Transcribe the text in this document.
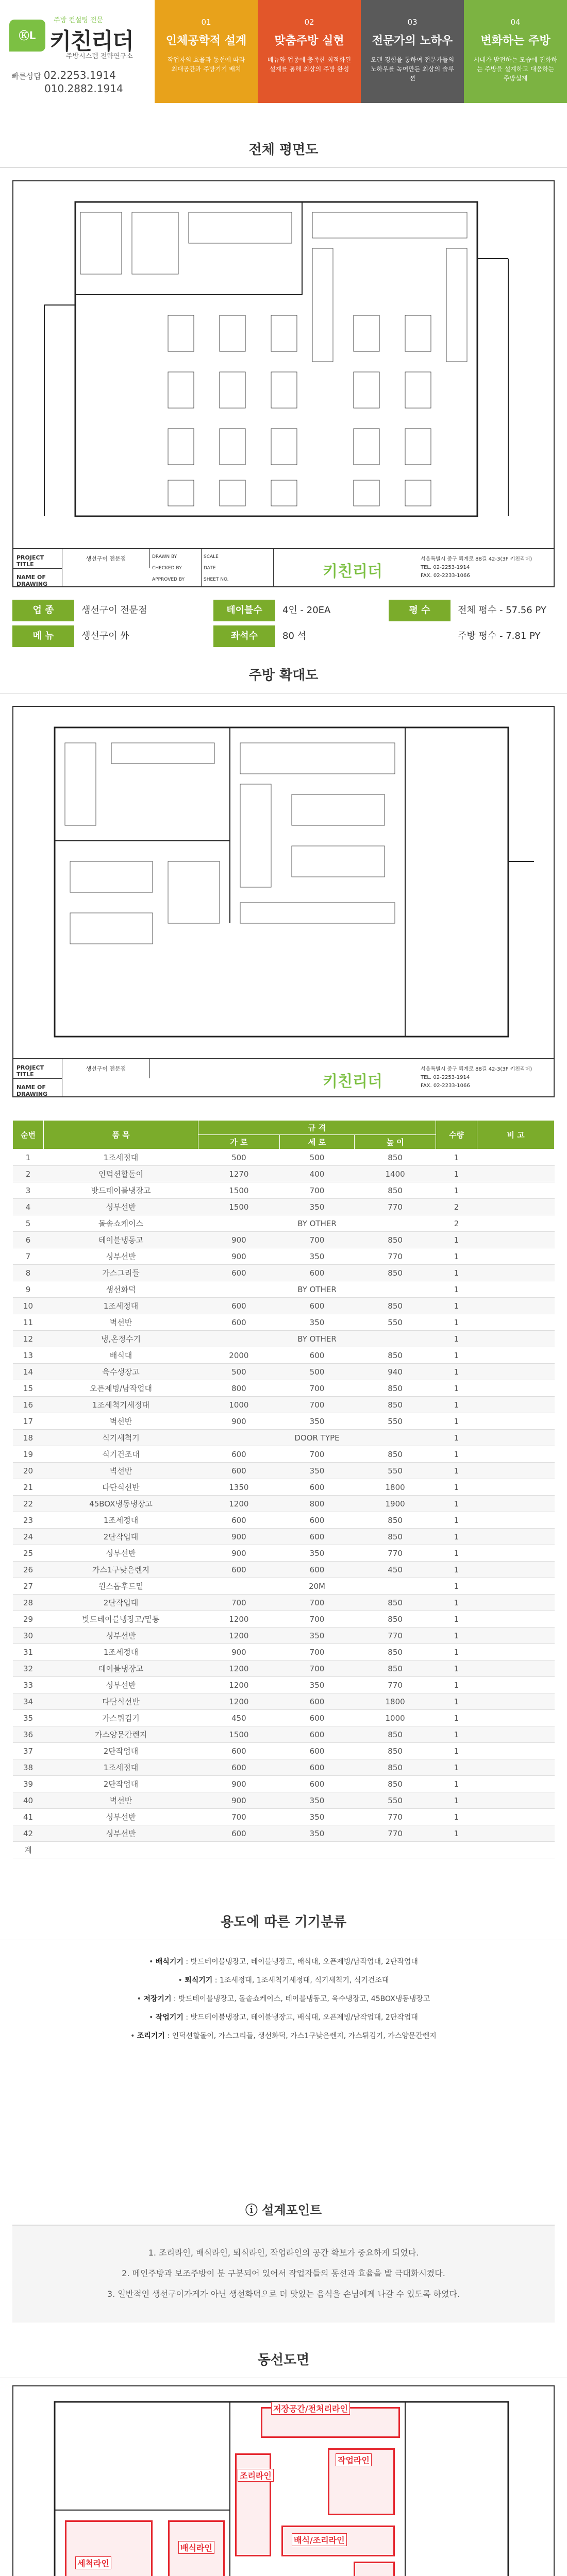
주방 컨설팅 전문
ⓀL 키친리더
주방시스템 전략연구소
빠른상담 02.2253.1914
010.2882.1914
01
인체공학적 설계
작업자의 효율과 동선에 따라 최대공간과 주방기기 배치
02
맞춤주방 실현
메뉴와 업종에 충족한 최적화된 설계를 통해 최상의 주방 완성
03
전문가의 노하우
오랜 경험을 통하여 전문가들의 노하우를 녹여만든 최상의 솔루션
04
변화하는 주방
시대가 발전하는 모습에 진화하는 주방을 설계하고 대응하는 주방설계
전체 평면도
PROJECT TITLE
생선구이 전문점
NAME OF DRAWING
DRAWN BY
CHECKED BY
APPROVED BY
SCALE
DATE
SHEET NO.	키친리더
서울특별시 중구 퇴계로 88길 42-3(3F 키친리더)
TEL. 02-2253-1914
FAX. 02-2233-1066
업 종	생선구이 전문점	테이블수	4인 - 20EA	평 수	전체 평수 - 57.56 PY
메 뉴	생선구이 外	좌석수	80 석	주방 평수 - 7.81 PY
주방 확대도
PROJECT TITLE
생선구이 전문점
NAME OF DRAWING
키친리더
서울특별시 중구 퇴계로 88길 42-3(3F 키친리더)
TEL. 02-2253-1914
FAX. 02-2233-1066
순번	품 목	규 격			수량	비 고
		가 로	세 로	높 이		
1	1조세정대	500	500	850	1	
2	인덕션할돌이	1270	400	1400	1	
3	밧드테이블냉장고	1500	700	850	1	
4	싱부선반	1500	350	770	2	
5	돌솥쇼케이스	BY OTHER			2	
6	테이블냉동고	900	700	850	1	
7	싱부선반	900	350	770	1	
8	가스그리들	600	600	850	1	
9	생선화덕	BY OTHER			1	
10	1조세정대	600	600	850	1	
11	벽선반	600	350	550	1	
12	냉,온정수기	BY OTHER			1	
13	배식대	2000	600	850	1	
14	육수생장고	500	500	940	1	
15	오픈제빙/남작업대	800	700	850	1	
16	1조세척기세정대	1000	700	850	1	
17	벽선반	900	350	550	1	
18	식기세척기	DOOR TYPE			1	
19	식기건조대	600	700	850	1	
20	벽선반	600	350	550	1	
21	다단식선반	1350	600	1800	1	
22	45BOX냉동냉장고	1200	800	1900	1	
23	1조세정대	600	600	850	1	
24	2단작업대	900	600	850	1	
25	싱부선반	900	350	770	1	
26	가스1구낮은렌지	600	600	450	1	
27	원스톱후드밑		20M		1	
28	2단작업대	700	700	850	1	
29	밧드테이블냉장고/밑통	1200	700	850	1	
30	싱부선반	1200	350	770	1	
31	1조세정대	900	700	850	1	
32	테이블냉장고	1200	700	850	1	
33	싱부선반	1200	350	770	1	
34	다단식선반	1200	600	1800	1	
35	가스튀김기	450	600	1000	1	
36	가스양문간렌지	1500	600	850	1	
37	2단작업대	600	600	850	1	
38	1조세정대	600	600	850	1	
39	2단작업대	900	600	850	1	
40	벽선반	900	350	550	1	
41	싱부선반	700	350	770	1	
42	싱부선반	600	350	770	1	
계						
용도에 따른 기기분류
• 배식기기 : 밧드테이블냉장고, 테이블냉장고, 배식대, 오픈제빙/남작업대, 2단작업대
• 퇴식기기 : 1조세정대, 1조세척기세정대, 식기세척기, 식기건조대
• 저장기기 : 밧드테이블냉장고, 돌솥쇼케이스, 테이블냉동고, 육수냉장고, 45BOX냉동냉장고
• 작업기기 : 밧드테이블냉장고, 테이블냉장고, 배식대, 오픈제빙/남작업대, 2단작업대
• 조리기기 : 인덕션할돌이, 가스그리들, 생선화덕, 가스1구낮은렌지, 가스튀김기, 가스양문간렌지
ⓘ 설계포인트
1. 조리라인, 배식라인, 퇴식라인, 작업라인의 공간 확보가 중요하게 되었다.
2. 메인주방과 보조주방이 분 구분되어 있어서 작업자들의 동선과 효율을 발 극대화시켰다.
3. 일반적인 생선구이가게가 아닌 생선화덕으로 더 맛있는 음식을 손님에게 나갈 수 있도록 하였다.
동선도면
저장공간/전처리라인
작업라인
조리라인
배식라인
배식/조리라인
세척라인
